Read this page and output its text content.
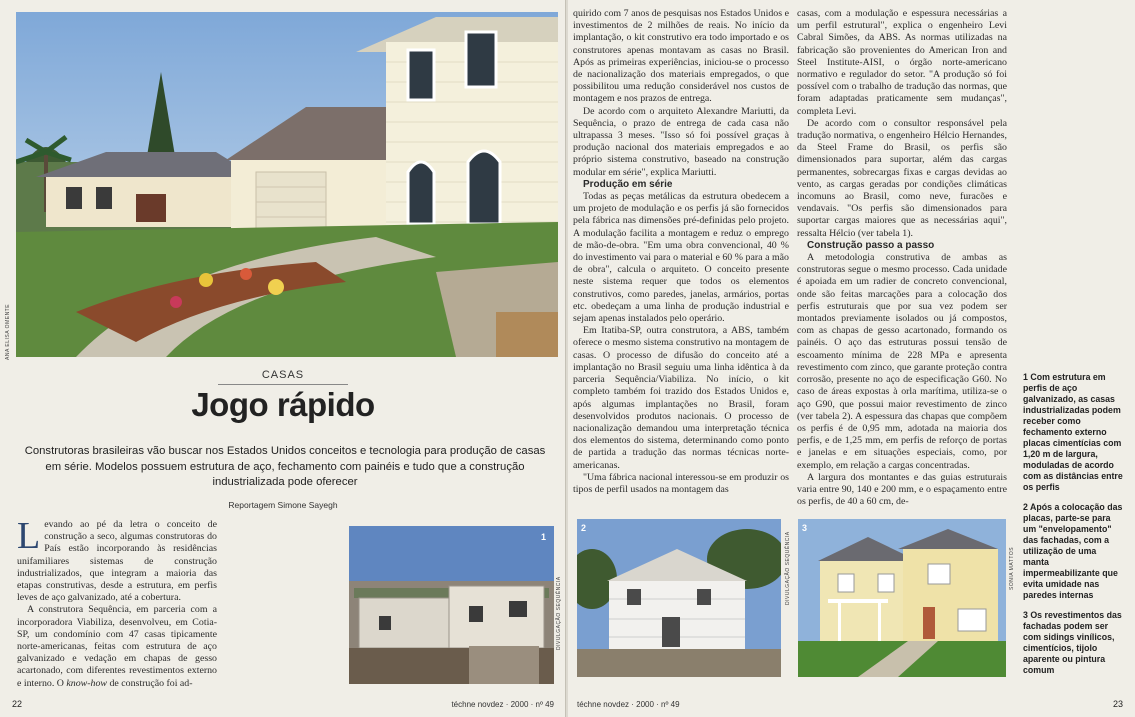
ANA ELISA OMENTE
CASAS
Jogo rápido
Construtoras brasileiras vão buscar nos Estados Unidos conceitos e tecnologia para produção de casas em série. Modelos possuem estrutura de aço, fechamento com painéis e tudo que a construção industrializada pode oferecer
Reportagem Simone Sayegh

Levando ao pé da letra o conceito de construção a seco, algumas construtoras do País estão incorporando às residências unifamiliares sistemas de construção industrializados, que integram a maioria das etapas construtivas, desde a estrutura, em perfis leves de aço galvanizado, até a cobertura.

A construtora Sequência, em parceria com a incorporadora Viabiliza, desenvolveu, em Cotia-SP, um condomínio com 47 casas tipicamente norte-americanas, feitas com estrutura de aço galvanizado e vedação em chapas de gesso acartonado, com diferentes revestimentos externo e interno. O know-how de construção foi ad-

1
DIVULGAÇÃO SEQUÊNCIA
22	téchne novdez · 2000 · nº 49

quirido com 7 anos de pesquisas nos Estados Unidos e investimentos de 2 milhões de reais. No início da implantação, o kit construtivo era todo importado e os construtores apenas montavam as casas no Brasil. Após as primeiras experiências, iniciou-se o processo de nacionalização dos materiais empregados, o que possibilitou uma redução considerável nos custos de montagem e nos prazos de entrega.

De acordo com o arquiteto Alexandre Mariutti, da Sequência, o prazo de entrega de cada casa não ultrapassa 3 meses. "Isso só foi possível graças à produção nacional dos materiais empregados e ao próprio sistema construtivo, baseado na construção modular em série", explica Mariutti.

Produção em série

Todas as peças metálicas da estrutura obedecem a um projeto de modulação e os perfis já são fornecidos pela fábrica nas dimensões pré-definidas pelo projeto. A modulação facilita a montagem e reduz o emprego de mão-de-obra. "Em uma obra convencional, 40 % do investimento vai para o material e 60 % para a mão de obra", calcula o arquiteto. O conceito presente neste sistema requer que todos os elementos construtivos, como paredes, janelas, armários, portas etc. obedeçam a uma linha de produção industrial e sejam apenas instalados pelo operário.

Em Itatiba-SP, outra construtora, a ABS, também oferece o mesmo sistema construtivo na montagem de casas. O processo de difusão do conceito até a implantação no Brasil seguiu uma linha idêntica à da parceria Sequência/Viabiliza. No início, o kit completo também foi trazido dos Estados Unidos e, após algumas implantações no Brasil, foram desenvolvidos produtos nacionais. O processo de nacionalização demandou uma interpretação técnica dos elementos do sistema, determinando como ponto de partida a tradução das normas técnicas norte-americanas.

"Uma fábrica nacional interessou-se em produzir os tipos de perfil usados na montagem das

casas, com a modulação e espessura necessárias a um perfil estrutural", explica o engenheiro Levi Cabral Simões, da ABS. As normas utilizadas na fabricação são provenientes do American Iron and Steel Institute-AISI, o órgão norte-americano normativo e regulador do setor. "A produção só foi possível com o trabalho de tradução das normas, que foram adaptadas praticamente sem mudanças", completa Levi.

De acordo com o consultor responsável pela tradução normativa, o engenheiro Hélcio Hernandes, da Steel Frame do Brasil, os perfis são dimensionados para suportar, além das cargas permanentes, sobrecargas fixas e cargas devidas ao vento, as cargas geradas por condições climáticas incomuns ao Brasil, como neve, furacões e vendavais. "Os perfis são dimensionados para suportar cargas maiores que as necessárias aqui", ressalta Hélcio (ver tabela 1).

Construção passo a passo

A metodologia construtiva de ambas as construtoras segue o mesmo processo. Cada unidade é apoiada em um radier de concreto convencional, onde são feitas marcações para a colocação dos perfis estruturais que por sua vez podem ser montados previamente isolados ou já compostos, com as chapas de gesso acartonado, formando os painéis. O aço das estruturas possui tensão de escoamento mínima de 228 MPa e apresenta revestimento com zinco, que garante proteção contra corrosão, presente no aço de especificação G60. No caso de áreas expostas à orla marítima, utiliza-se o aço G90, que possui maior revestimento de zinco (ver tabela 2). A espessura das chapas que compõem os perfis é de 0,95 mm, adotada na maioria dos perfis, e de 1,25 mm, em perfis de reforço de portas e janelas e em situações especiais, como, por exemplo, em relação a cargas concentradas.

A largura dos montantes e das guias estruturais varia entre 90, 140 e 200 mm, e o espaçamento entre os perfis, de 40 a 60 cm, de-

2
DIVULGAÇÃO SEQUÊNCIA
3
SONIA MATTOS
23
téchne novdez · 2000 · nº 49

1 Com estrutura em perfis de aço galvanizado, as casas industrializadas podem receber como fechamento externo placas cimentícias com 1,20 m de largura, moduladas de acordo com as distâncias entre os perfis

2 Após a colocação das placas, parte-se para um "envelopamento" das fachadas, com a utilização de uma manta impermeabilizante que evita umidade nas paredes internas

3 Os revestimentos das fachadas podem ser com sidings vinílicos, cimentícios, tijolo aparente ou pintura comum
